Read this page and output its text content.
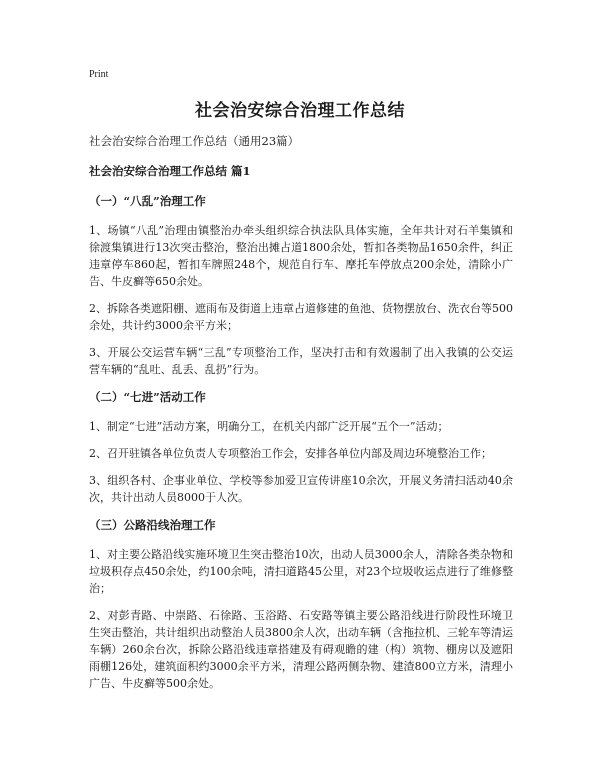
Print
社会治安综合治理工作总结
社会治安综合治理工作总结（通用23篇）
社会治安综合治理工作总结 篇1
（一）“八乱”治理工作

1、场镇“八乱”治理由镇整治办牵头组织综合执法队具体实施，全年共计对石羊集镇和徐渡集镇进行13次突击整治，整治出摊占道1800余处，暂扣各类物品1650余件，纠正违章停车860起，暂扣车牌照248个，规范自行车、摩托车停放点200余处，清除小广告、牛皮癣等650余处。

2、拆除各类遮阳棚、遮雨布及街道上违章占道修建的鱼池、货物摆放台、洗衣台等500余处，共计约3000余平方米；

3、开展公交运营车辆“三乱”专项整治工作，坚决打击和有效遏制了出入我镇的公交运营车辆的“乱吐、乱丢、乱扔”行为。

（二）“七进”活动工作

1、制定“七进”活动方案，明确分工，在机关内部广泛开展“五个一”活动；

2、召开驻镇各单位负责人专项整治工作会，安排各单位内部及周边环境整治工作；

3、组织各村、企事业单位、学校等参加爱卫宣传讲座10余次，开展义务清扫活动40余次，共计出动人员8000于人次。

（三）公路沿线治理工作

1、对主要公路沿线实施环境卫生突击整治10次，出动人员3000余人，清除各类杂物和垃圾积存点450余处，约100余吨，清扫道路45公里，对23个垃圾收运点进行了维修整治；

2、对彭青路、中崇路、石徐路、玉浴路、石安路等镇主要公路沿线进行阶段性环境卫生突击整治，共计组织出动整治人员3800余人次，出动车辆（含拖拉机、三轮车等清运车辆）260余台次，拆除公路沿线违章搭建及有碍观瞻的建（构）筑物、棚房以及遮阳雨棚126处，建筑面积约3000余平方米，清理公路两侧杂物、建渣800立方米，清理小广告、牛皮癣等500余处。
